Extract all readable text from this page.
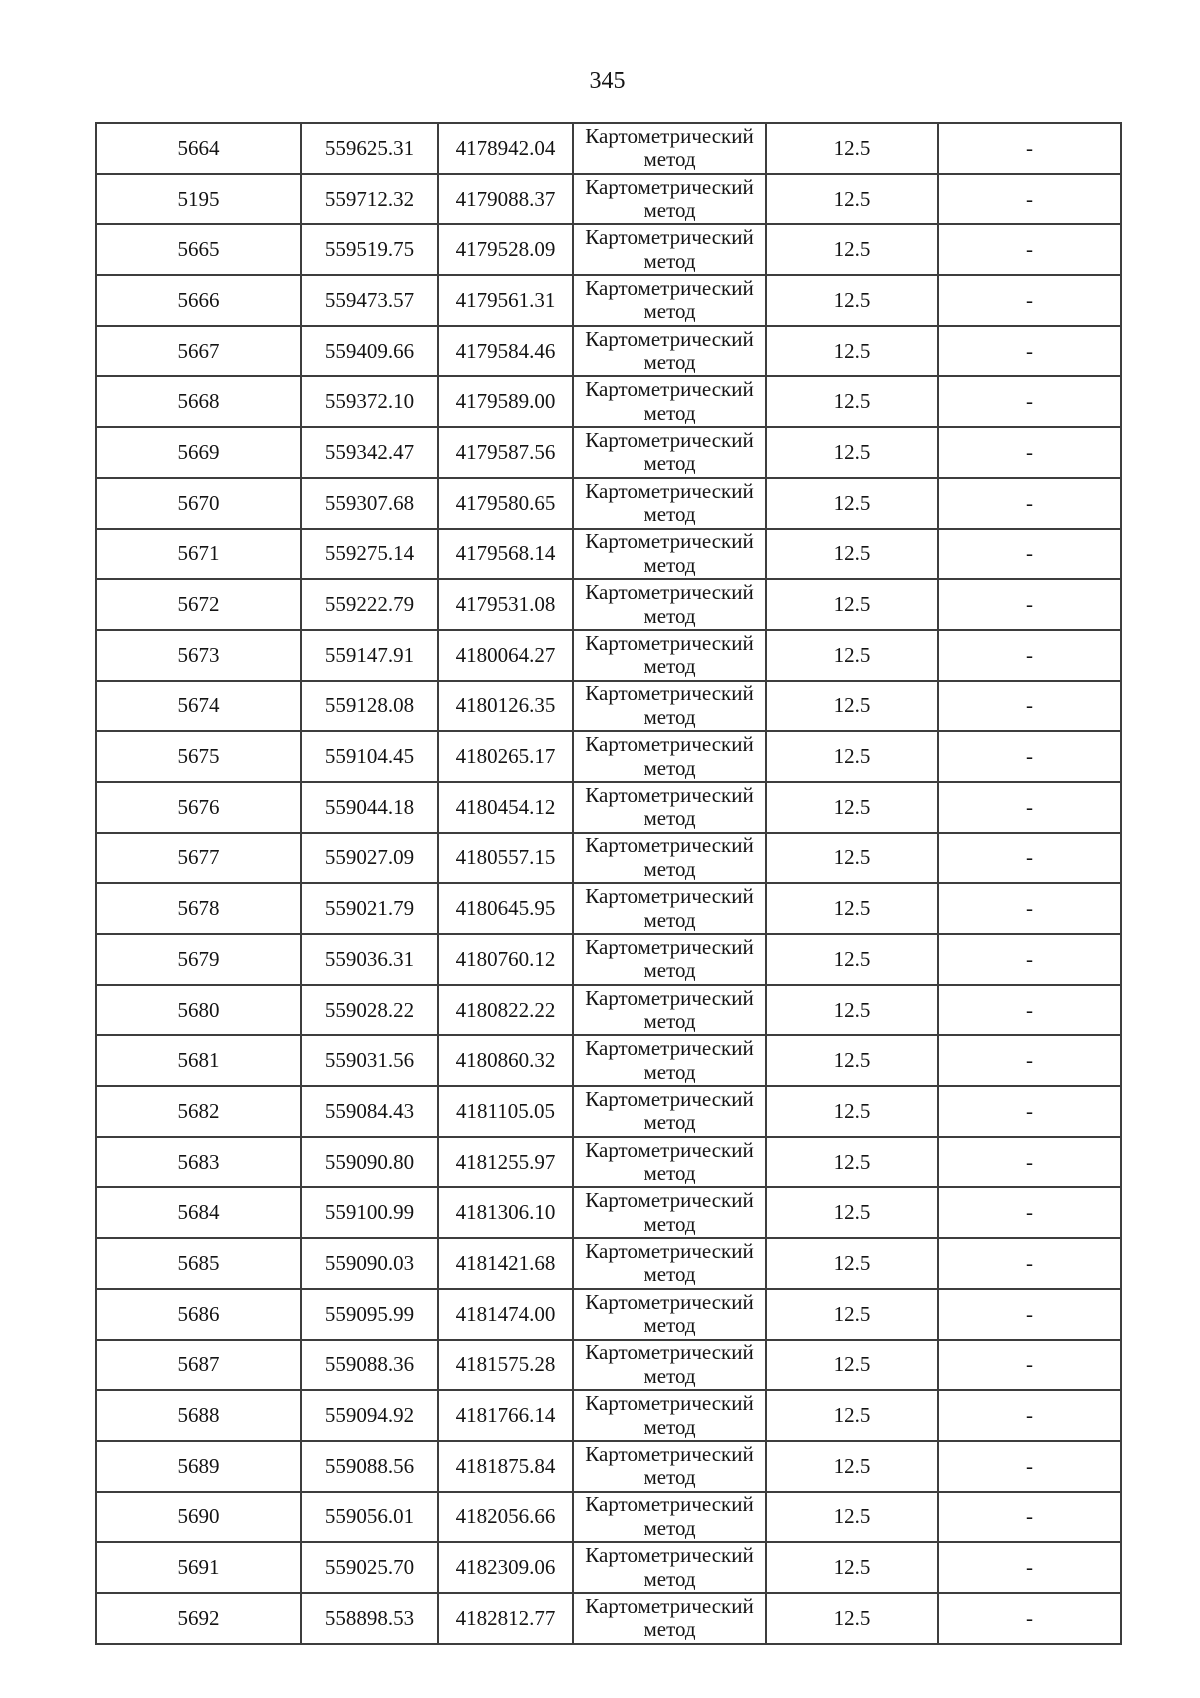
345
5664	559625.31	4178942.04	Картометрический метод	12.5	-
5195	559712.32	4179088.37	Картометрический метод	12.5	-
5665	559519.75	4179528.09	Картометрический метод	12.5	-
5666	559473.57	4179561.31	Картометрический метод	12.5	-
5667	559409.66	4179584.46	Картометрический метод	12.5	-
5668	559372.10	4179589.00	Картометрический метод	12.5	-
5669	559342.47	4179587.56	Картометрический метод	12.5	-
5670	559307.68	4179580.65	Картометрический метод	12.5	-
5671	559275.14	4179568.14	Картометрический метод	12.5	-
5672	559222.79	4179531.08	Картометрический метод	12.5	-
5673	559147.91	4180064.27	Картометрический метод	12.5	-
5674	559128.08	4180126.35	Картометрический метод	12.5	-
5675	559104.45	4180265.17	Картометрический метод	12.5	-
5676	559044.18	4180454.12	Картометрический метод	12.5	-
5677	559027.09	4180557.15	Картометрический метод	12.5	-
5678	559021.79	4180645.95	Картометрический метод	12.5	-
5679	559036.31	4180760.12	Картометрический метод	12.5	-
5680	559028.22	4180822.22	Картометрический метод	12.5	-
5681	559031.56	4180860.32	Картометрический метод	12.5	-
5682	559084.43	4181105.05	Картометрический метод	12.5	-
5683	559090.80	4181255.97	Картометрический метод	12.5	-
5684	559100.99	4181306.10	Картометрический метод	12.5	-
5685	559090.03	4181421.68	Картометрический метод	12.5	-
5686	559095.99	4181474.00	Картометрический метод	12.5	-
5687	559088.36	4181575.28	Картометрический метод	12.5	-
5688	559094.92	4181766.14	Картометрический метод	12.5	-
5689	559088.56	4181875.84	Картометрический метод	12.5	-
5690	559056.01	4182056.66	Картометрический метод	12.5	-
5691	559025.70	4182309.06	Картометрический метод	12.5	-
5692	558898.53	4182812.77	Картометрический метод	12.5	-
